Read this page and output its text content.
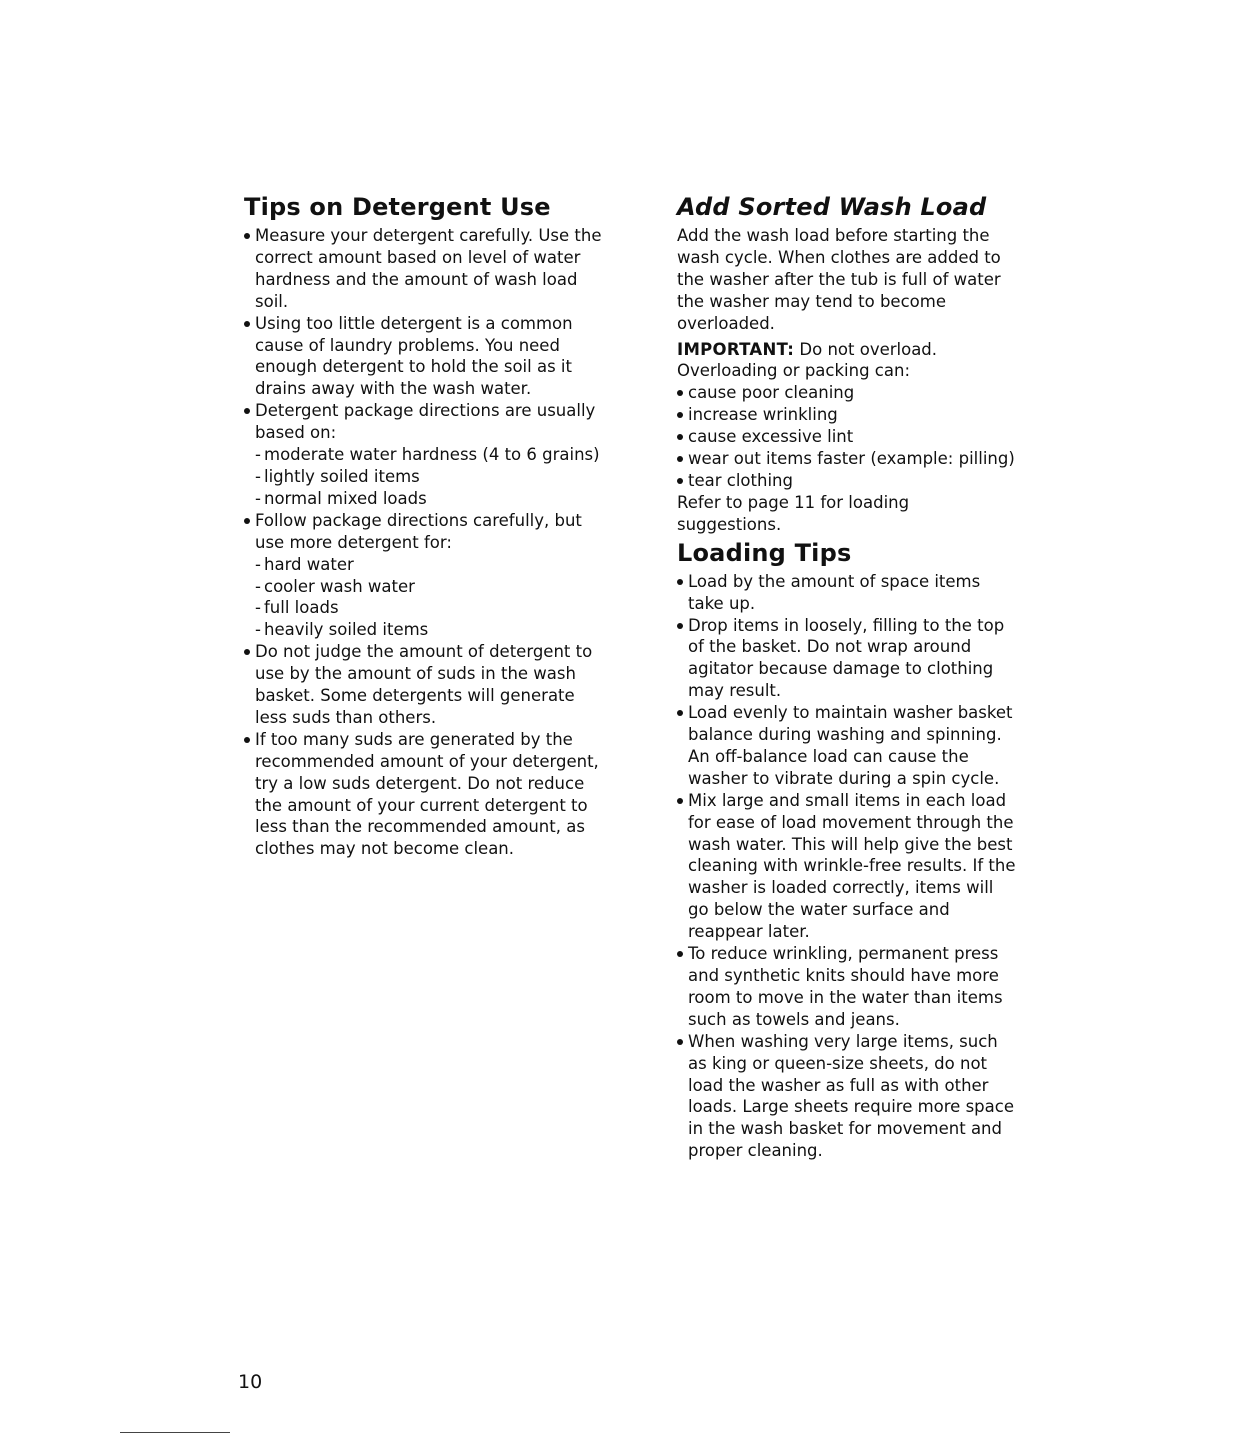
Tips on Detergent Use
Measure your detergent carefully. Use the correct amount based on level of water hardness and the amount of wash load soil.
Using too little detergent is a common cause of laundry problems. You need enough detergent to hold the soil as it drains away with the wash water.
Detergent package directions are usually based on:
- moderate water hardness (4 to 6 grains)
- lightly soiled items
- normal mixed loads
Follow package directions carefully, but use more detergent for:
- hard water
- cooler wash water
- full loads
- heavily soiled items
Do not judge the amount of detergent to use by the amount of suds in the wash basket. Some detergents will generate less suds than others.
If too many suds are generated by the recommended amount of your detergent, try a low suds detergent. Do not reduce the amount of your current detergent to less than the recommended amount, as clothes may not become clean.
Add Sorted Wash Load

Add the wash load before starting the wash cycle. When clothes are added to the washer after the tub is full of water the washer may tend to become overloaded.

IMPORTANT: Do not overload.

Overloading or packing can:

cause poor cleaning
increase wrinkling
cause excessive lint
wear out items faster (example: pilling)
tear clothing

Refer to page 11 for loading suggestions.

Loading Tips
Load by the amount of space items take up.
Drop items in loosely, filling to the top of the basket. Do not wrap around agitator because damage to clothing may result.
Load evenly to maintain washer basket balance during washing and spinning. An off-balance load can cause the washer to vibrate during a spin cycle.
Mix large and small items in each load for ease of load movement through the wash water. This will help give the best cleaning with wrinkle-free results. If the washer is loaded correctly, items will go below the water surface and reappear later.
To reduce wrinkling, permanent press and synthetic knits should have more room to move in the water than items such as towels and jeans.
When washing very large items, such as king or queen-size sheets, do not load the washer as full as with other loads. Large sheets require more space in the wash basket for movement and proper cleaning.
10
